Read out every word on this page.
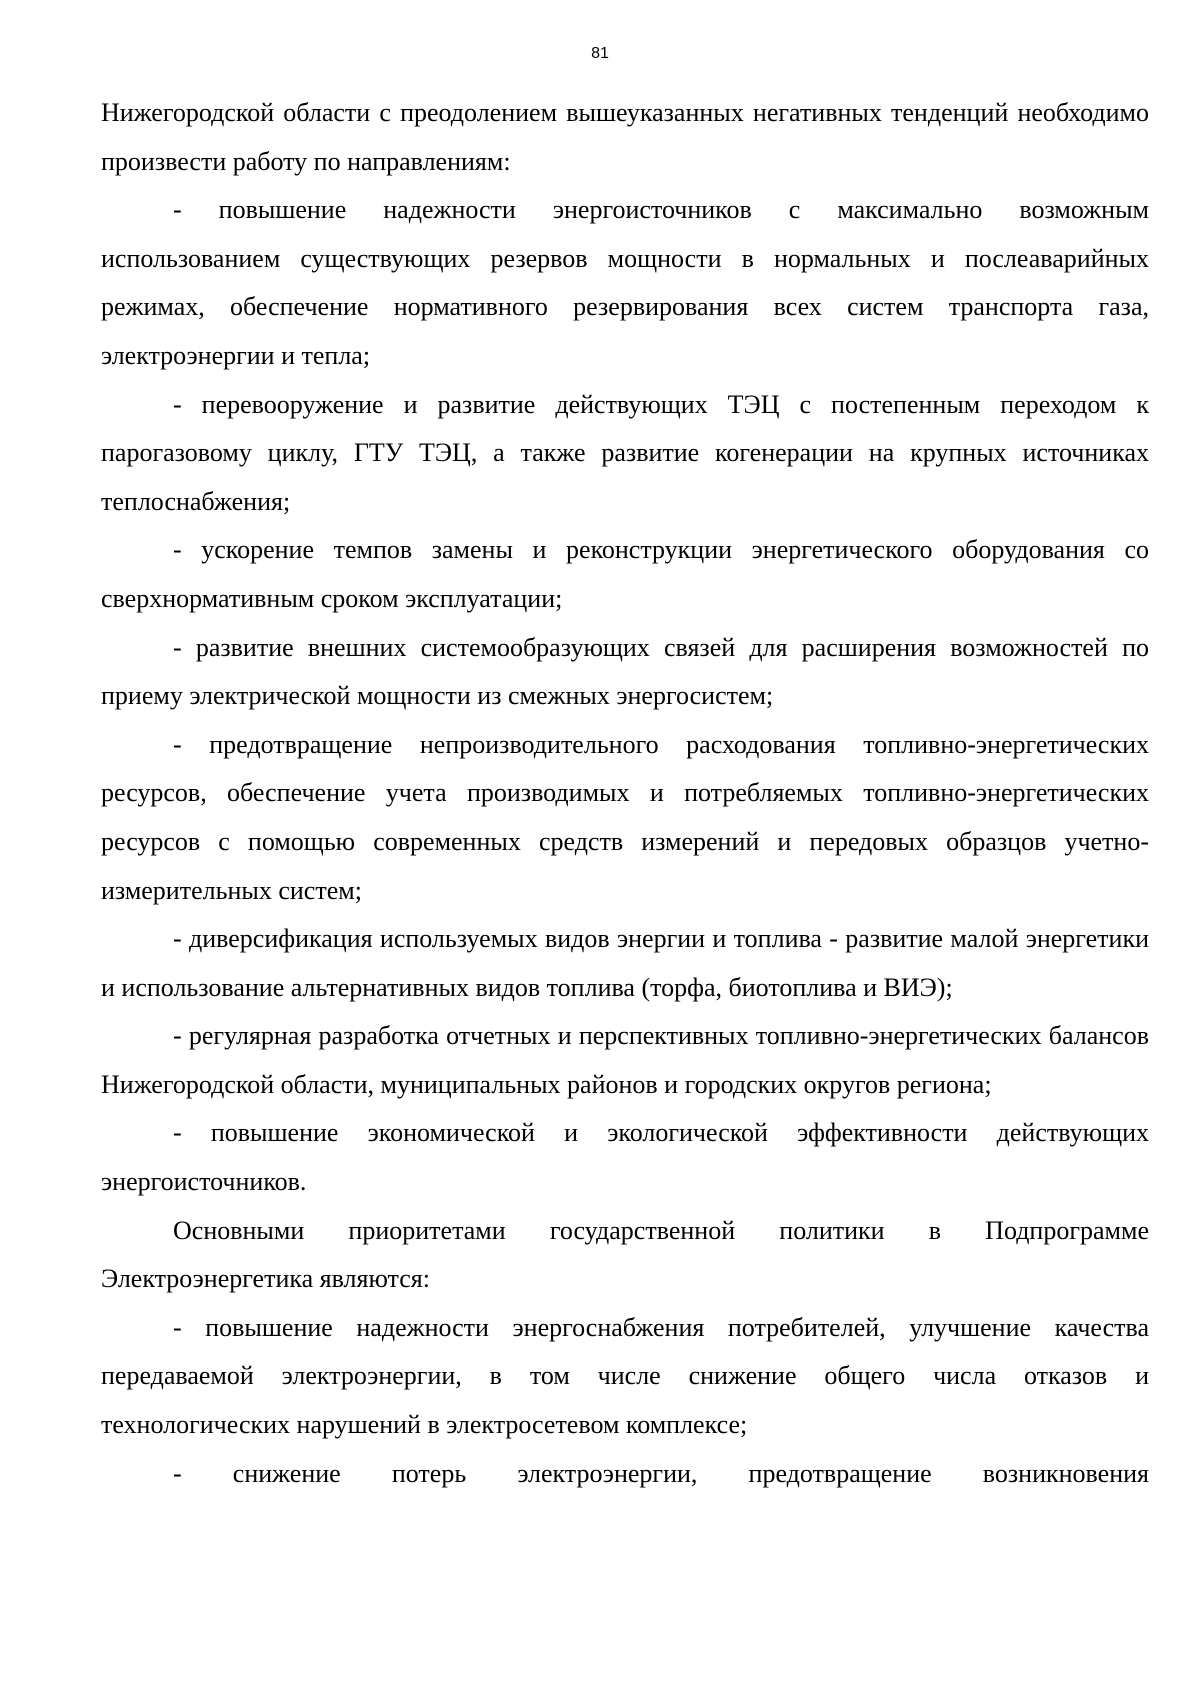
81

Нижегородской области с преодолением вышеуказанных негативных тенденций необходимо произвести работу по направлениям:

- повышение надежности энергоисточников с максимально возможным использованием существующих резервов мощности в нормальных и послеаварийных режимах, обеспечение нормативного резервирования всех систем транспорта газа, электроэнергии и тепла;

- перевооружение и развитие действующих ТЭЦ с постепенным переходом к парогазовому циклу, ГТУ ТЭЦ, а также развитие когенерации на крупных источниках теплоснабжения;

- ускорение темпов замены и реконструкции энергетического оборудования со сверхнормативным сроком эксплуатации;

- развитие внешних системообразующих связей для расширения возможностей по приему электрической мощности из смежных энергосистем;

- предотвращение непроизводительного расходования топливно-энергетических ресурсов, обеспечение учета производимых и потребляемых топливно-энергетических ресурсов с помощью современных средств измерений и передовых образцов учетно-измерительных систем;

- диверсификация используемых видов энергии и топлива - развитие малой энергетики и использование альтернативных видов топлива (торфа, биотоплива и ВИЭ);

- регулярная разработка отчетных и перспективных топливно-энергетических балансов Нижегородской области, муниципальных районов и городских округов региона;

- повышение экономической и экологической эффективности действующих энергоисточников.

Основными приоритетами государственной политики в Подпрограмме Электроэнергетика являются:

- повышение надежности энергоснабжения потребителей, улучшение качества передаваемой электроэнергии, в том числе снижение общего числа отказов и технологических нарушений в электросетевом комплексе;

- снижение потерь электроэнергии, предотвращение возникновения
